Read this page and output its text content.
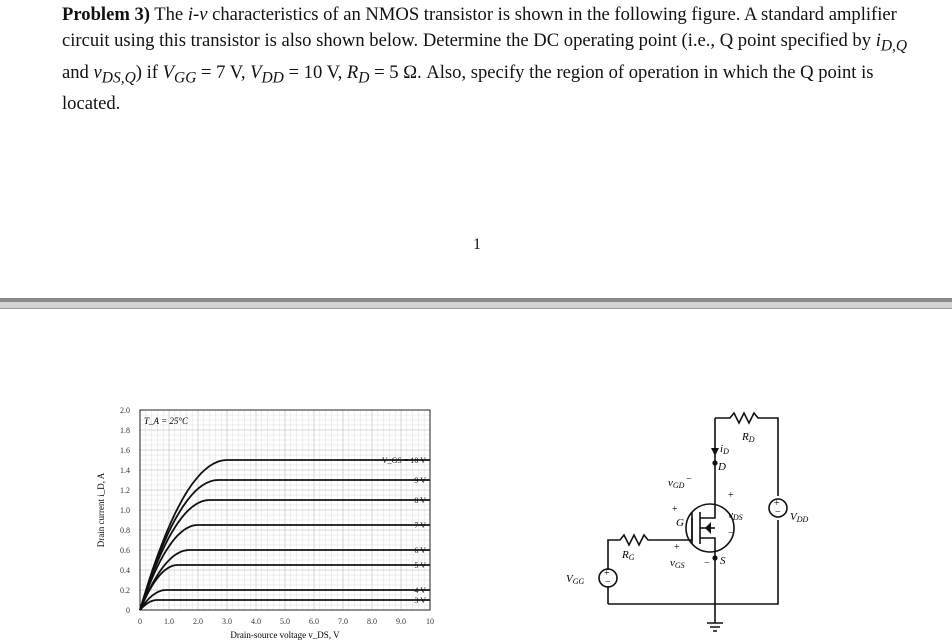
Problem 3) The i-v characteristics of an NMOS transistor is shown in the following figure. A standard amplifier circuit using this transistor is also shown below. Determine the DC operating point (i.e., Q point specified by $i_{D,Q}$ and $v_{DS,Q}$) if $V_{GG} = 7$ V, $V_{DD} = 10$ V, $R_D = 5$ Ω. Also, specify the region of operation in which the Q point is located.
1
0
0.2
0.4
0.6
0.8
1.0
1.2
1.4
1.6
1.8
2.0
0	1.0 2.0 3.0 4.0 5.0 6.0 7.0 8.0 9.0	10
V_GS = 10 V
9 V
8 V
7 V
6 V
5 V
4 V
3 V
T_A = 25°C
Drain-source voltage v_DS, V
Drain current i_D, A
RD
RG
iD
D
G
S
vGD
vDS
vGS
VDD
VGG
−
+
+
−
+
−
+
−
+
−
